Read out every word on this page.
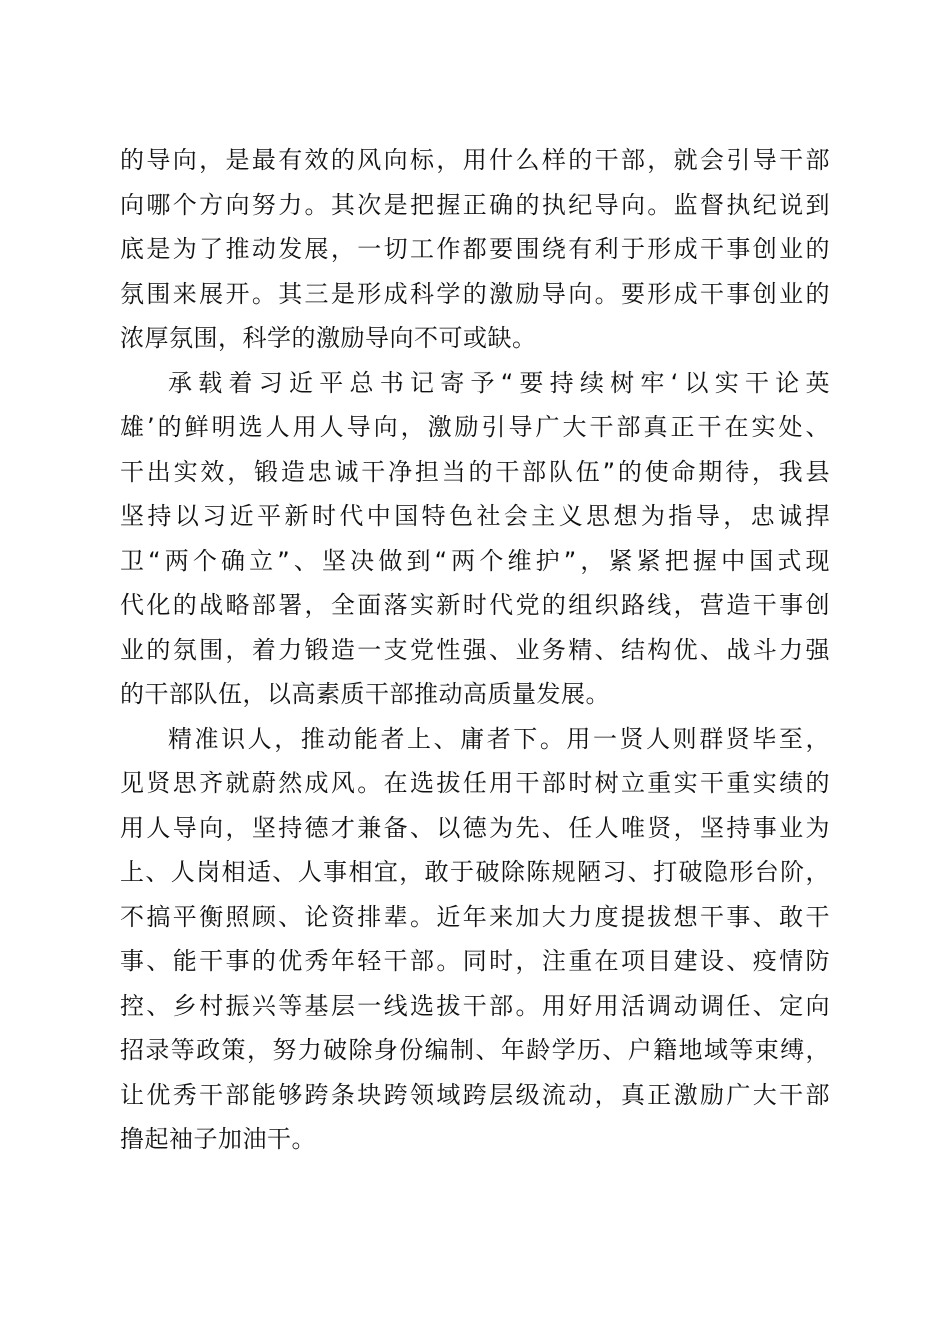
的导向，是最有效的风向标，用什么样的干部，就会引导干部
向哪个方向努力。其次是把握正确的执纪导向。监督执纪说到
底是为了推动发展，一切工作都要围绕有利于形成干事创业的
氛围来展开。其三是形成科学的激励导向。要形成干事创业的
浓厚氛围，科学的激励导向不可或缺。
承载着习近平总书记寄予“要持续树牢‘以实干论英
雄’的鲜明选人用人导向，激励引导广大干部真正干在实处、
干出实效，锻造忠诚干净担当的干部队伍”的使命期待，我县
坚持以习近平新时代中国特色社会主义思想为指导，忠诚捍
卫“两个确立”、坚决做到“两个维护”，紧紧把握中国式现
代化的战略部署，全面落实新时代党的组织路线，营造干事创
业的氛围，着力锻造一支党性强、业务精、结构优、战斗力强
的干部队伍，以高素质干部推动高质量发展。
精准识人，推动能者上、庸者下。用一贤人则群贤毕至，
见贤思齐就蔚然成风。在选拔任用干部时树立重实干重实绩的
用人导向，坚持德才兼备、以德为先、任人唯贤，坚持事业为
上、人岗相适、人事相宜，敢于破除陈规陋习、打破隐形台阶，
不搞平衡照顾、论资排辈。近年来加大力度提拔想干事、敢干
事、能干事的优秀年轻干部。同时，注重在项目建设、疫情防
控、乡村振兴等基层一线选拔干部。用好用活调动调任、定向
招录等政策，努力破除身份编制、年龄学历、户籍地域等束缚，
让优秀干部能够跨条块跨领域跨层级流动，真正激励广大干部
撸起袖子加油干。
